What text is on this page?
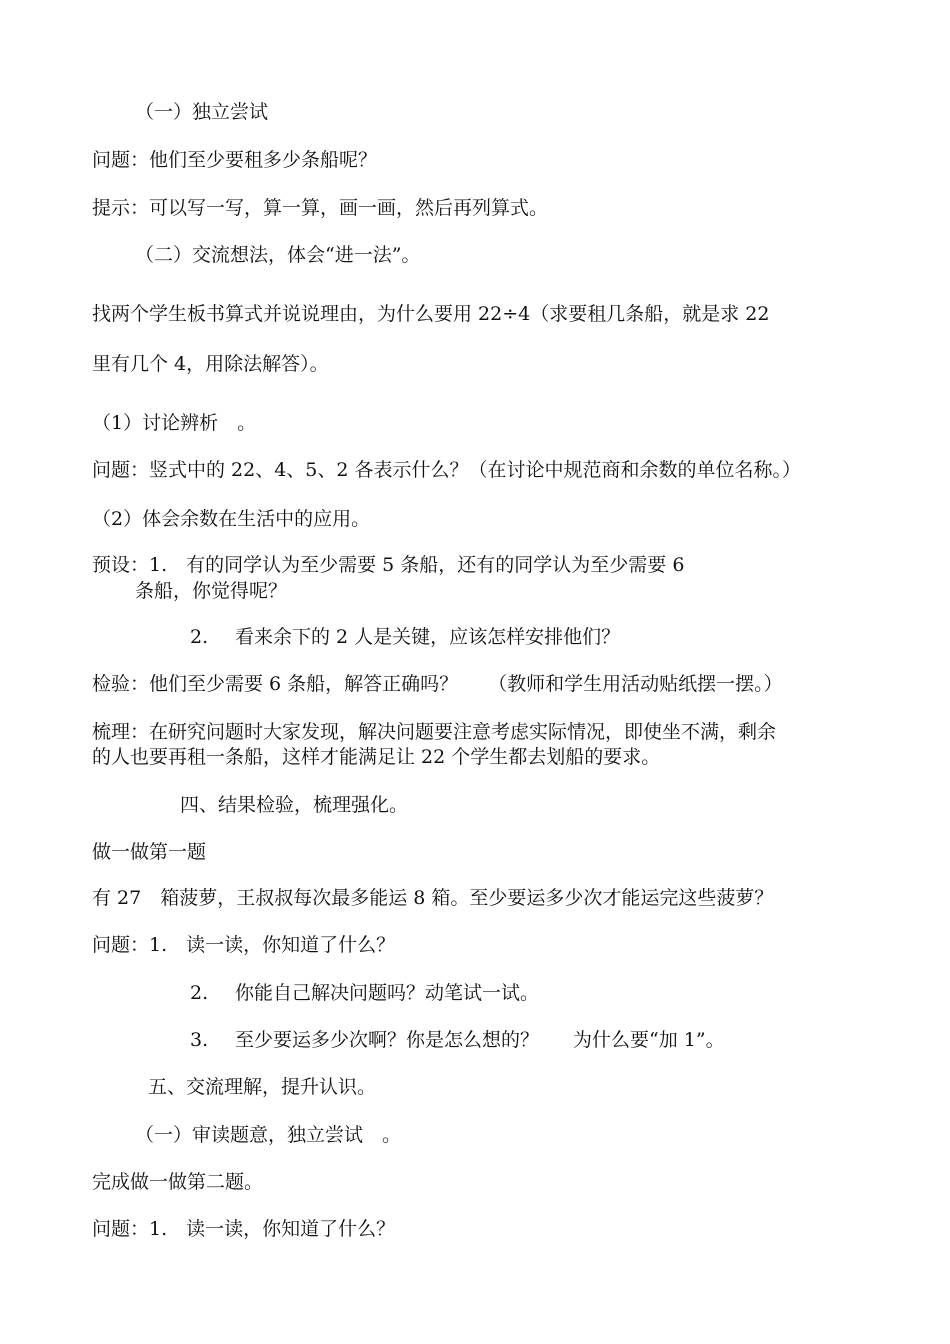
（一）独立尝试
问题：他们至少要租多少条船呢？
提示：可以写一写，算一算，画一画，然后再列算式。
（二）交流想法，体会“进一法”。
找两个学生板书算式并说说理由，为什么要用 22÷4（求要租几条船，就是求 22
里有几个 4，用除法解答）。
（1）讨论辨析　。
问题：竖式中的 22、4、5、2 各表示什么？（在讨论中规范商和余数的单位名称。）
（2）体会余数在生活中的应用。
预设：1.　有的同学认为至少需要 5 条船，还有的同学认为至少需要 6
条船，你觉得呢？
2. 看来余下的 2 人是关键，应该怎样安排他们？
检验：他们至少需要 6 条船，解答正确吗？ （教师和学生用活动贴纸摆一摆。）
梳理：在研究问题时大家发现，解决问题要注意考虑实际情况，即使坐不满，剩余
的人也要再租一条船，这样才能满足让 22 个学生都去划船的要求。
四、结果检验，梳理强化。
做一做第一题
有 27　箱菠萝，王叔叔每次最多能运 8 箱。至少要运多少次才能运完这些菠萝？
问题：1.　读一读，你知道了什么？
2. 你能自己解决问题吗？动笔试一试。
3. 至少要运多少次啊？你是怎么想的？ 为什么要“加 1”。
五、交流理解，提升认识。
（一）审读题意，独立尝试　。
完成做一做第二题。
问题：1.　读一读，你知道了什么？
